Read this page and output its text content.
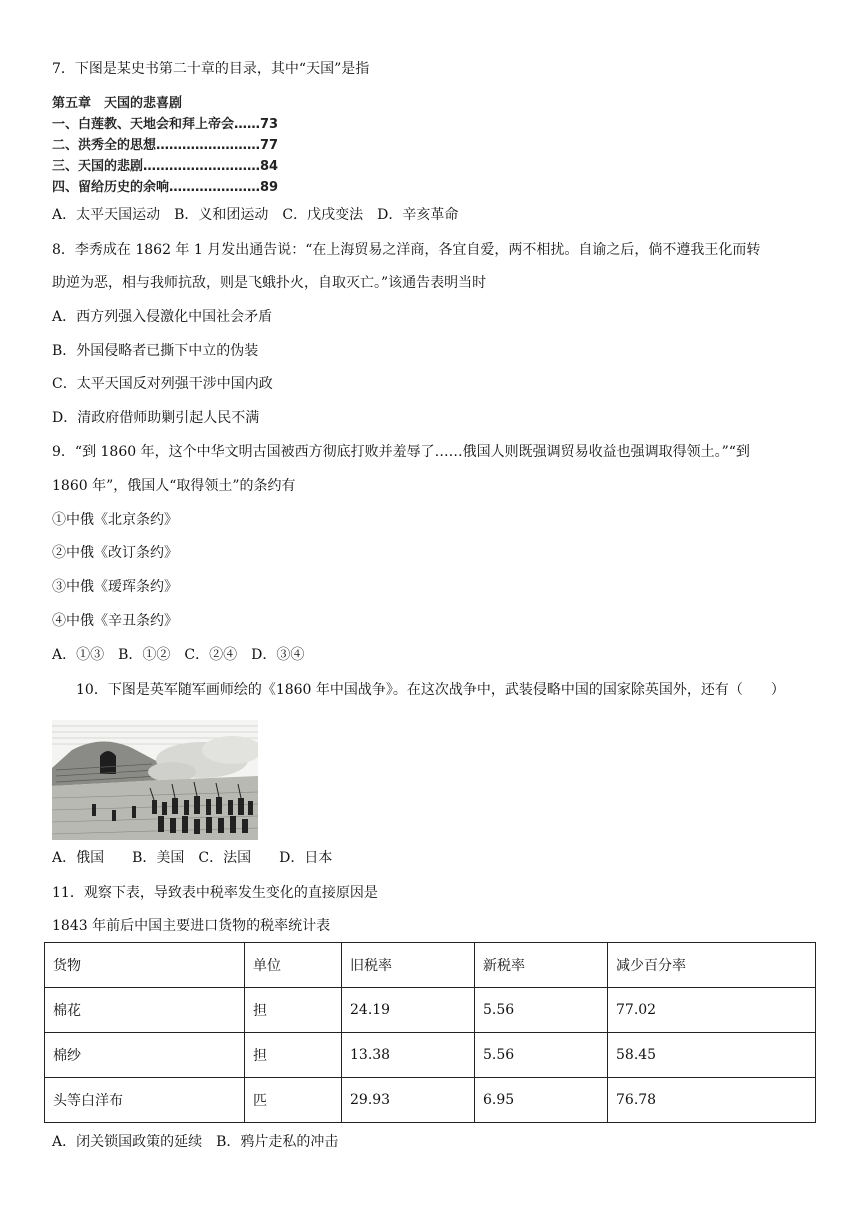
7．下图是某史书第二十章的目录，其中“天国”是指
第五章　天国的悲喜剧
一、白莲教、天地会和拜上帝会……73
二、洪秀全的思想……………………77
三、天国的悲剧………………………84
四、留给历史的余响…………………89
A．太平天国运动　B．义和团运动　C．戊戌变法　D．辛亥革命
8．李秀成在 1862 年 1 月发出通告说：“在上海贸易之洋商，各宜自爱，两不相扰。自谕之后，倘不遵我王化而转
助逆为恶，相与我师抗敌，则是飞蛾扑火，自取灭亡。”该通告表明当时
A．西方列强入侵激化中国社会矛盾
B．外国侵略者已撕下中立的伪装
C．太平天国反对列强干涉中国内政
D．清政府借师助剿引起人民不满
9．“到 1860 年，这个中华文明古国被西方彻底打败并羞辱了……俄国人则既强调贸易收益也强调取得领土。”“到
1860 年”，俄国人“取得领土”的条约有
①中俄《北京条约》
②中俄《改订条约》
③中俄《瑷珲条约》
④中俄《辛丑条约》
A．①③　B．①②　C．②④　D．③④
10．下图是英军随军画师绘的《1860 年中国战争》。在这次战争中，武装侵略中国的国家除英国外，还有（　　）
A．俄国　　B．美国　C．法国　　D．日本
11．观察下表，导致表中税率发生变化的直接原因是
1843 年前后中国主要进口货物的税率统计表
货物	单位	旧税率	新税率	减少百分率
棉花	担	24.19	5.56	77.02
棉纱	担	13.38	5.56	58.45
头等白洋布	匹	29.93	6.95	76.78
A．闭关锁国政策的延续　B．鸦片走私的冲击
